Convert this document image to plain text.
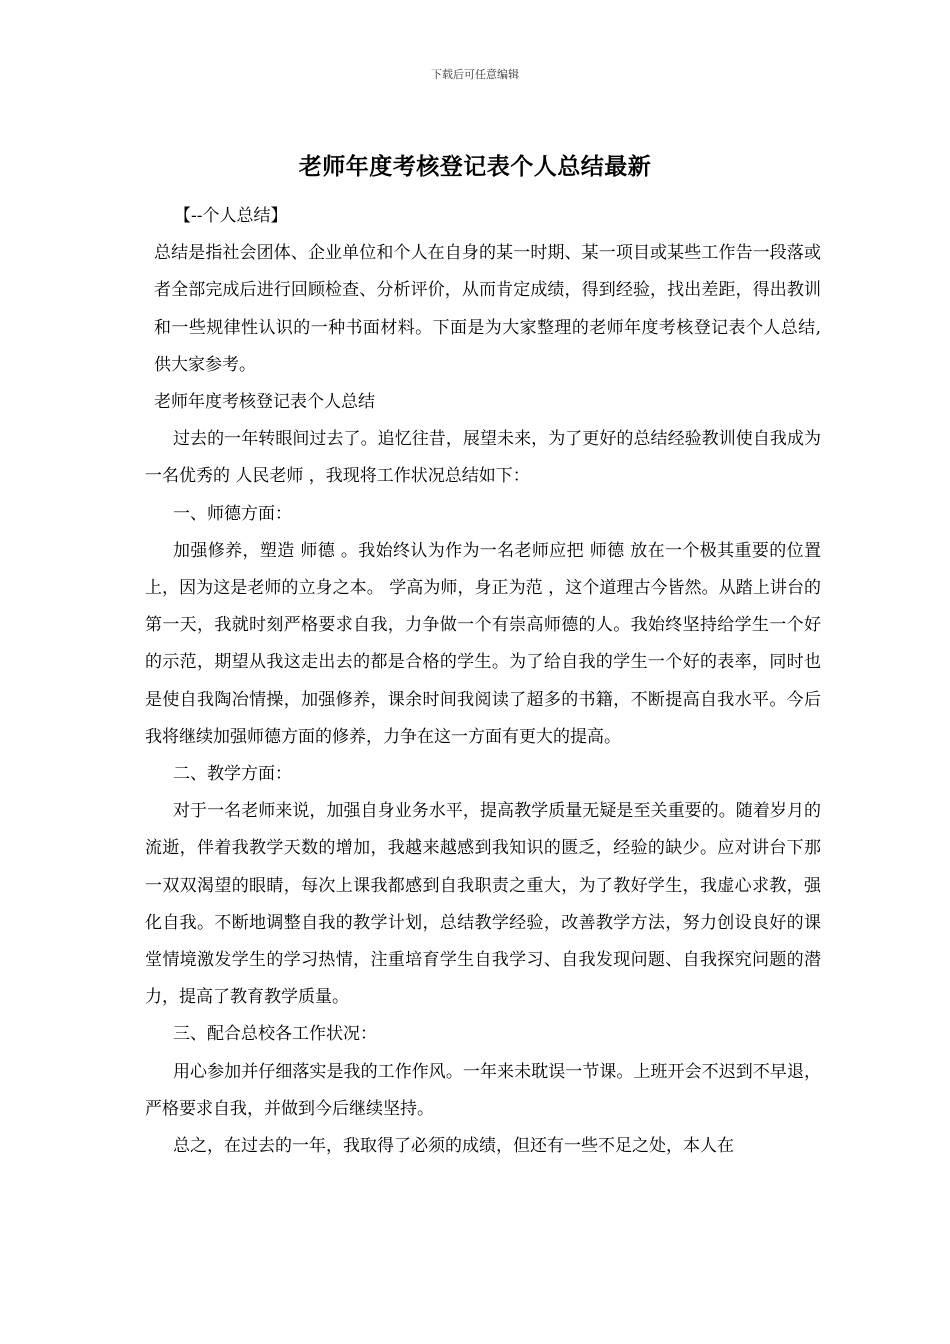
下载后可任意编辑
老师年度考核登记表个人总结最新

【--个人总结】

总结是指社会团体、企业单位和个人在自身的某一时期、某一项目或某些工作告一段落或者全部完成后进行回顾检查、分析评价，从而肯定成绩，得到经验，找出差距，得出教训和一些规律性认识的一种书面材料。下面是为大家整理的老师年度考核登记表个人总结,供大家参考。

老师年度考核登记表个人总结

过去的一年转眼间过去了。追忆往昔，展望未来，为了更好的总结经验教训使自我成为一名优秀的 人民老师 ，我现将工作状况总结如下：

一、师德方面：

加强修养，塑造 师德 。我始终认为作为一名老师应把 师德 放在一个极其重要的位置上，因为这是老师的立身之本。 学高为师，身正为范 ，这个道理古今皆然。从踏上讲台的第一天，我就时刻严格要求自我，力争做一个有崇高师德的人。我始终坚持给学生一个好的示范，期望从我这走出去的都是合格的学生。为了给自我的学生一个好的表率，同时也是使自我陶冶情操，加强修养，课余时间我阅读了超多的书籍，不断提高自我水平。今后我将继续加强师德方面的修养，力争在这一方面有更大的提高。

二、教学方面：

对于一名老师来说，加强自身业务水平，提高教学质量无疑是至关重要的。随着岁月的流逝，伴着我教学天数的增加，我越来越感到我知识的匮乏，经验的缺少。应对讲台下那一双双渴望的眼睛，每次上课我都感到自我职责之重大，为了教好学生，我虚心求教，强化自我。不断地调整自我的教学计划，总结教学经验，改善教学方法，努力创设良好的课堂情境激发学生的学习热情，注重培育学生自我学习、自我发现问题、自我探究问题的潜力，提高了教育教学质量。

三、配合总校各工作状况：

用心参加并仔细落实是我的工作作风。一年来未耽误一节课。上班开会不迟到不早退，严格要求自我，并做到今后继续坚持。

总之，在过去的一年，我取得了必须的成绩，但还有一些不足之处，本人在
